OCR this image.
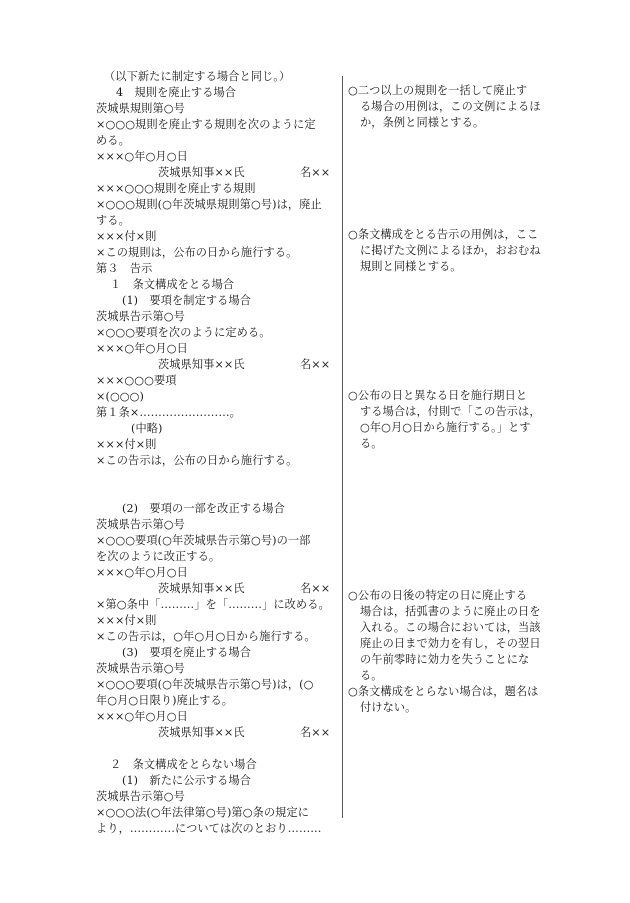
（以下新たに制定する場合と同じ。）
4　規則を廃止する場合
茨城県規則第○号
×○○○規則を廃止する規則を次のように定
める。
×××○年○月○日
茨城県知事××氏	名××
×××○○○規則を廃止する規則
×○○○規則(○年茨城県規則第○号)は，廃止
する。
×××付×則
×この規則は，公布の日から施行する。
第３　告示
１　条文構成をとる場合
(1)　要項を制定する場合
茨城県告示第○号
×○○○要項を次のように定める。
×××○年○月○日
茨城県知事××氏	名××
×××○○○要項
×(○○○)
第１条×……………………。
(中略)
×××付×則
×この告示は，公布の日から施行する。
(2)　要項の一部を改正する場合
茨城県告示第○号
×○○○要項(○年茨城県告示第○号)の一部
を次のように改正する。
×××○年○月○日
茨城県知事××氏	名××
×第○条中「………」を「………」に改める。
×××付×則
×この告示は，○年○月○日から施行する。
(3)　要項を廃止する場合
茨城県告示第○号
×○○○要項(○年茨城県告示第○号)は，(○
年○月○日限り)廃止する。
×××○年○月○日
茨城県知事××氏	名××
２　条文構成をとらない場合
(1)　新たに公示する場合
茨城県告示第○号
×○○○法(○年法律第○号)第○条の規定に
より，…………については次のとおり………
○二つ以上の規則を一括して廃止す
る場合の用例は，この文例によるほ
か，条例と同様とする。
○条文構成をとる告示の用例は，ここ
に掲げた文例によるほか，おおむね
規則と同様とする。
○公布の日と異なる日を施行期日と
する場合は，付則で「この告示は，
○年○月○日から施行する。」とす
る。
○公布の日後の特定の日に廃止する
場合は，括弧書のように廃止の日を
入れる。この場合においては，当該
廃止の日まで効力を有し，その翌日
の午前零時に効力を失うことにな
る。
○条文構成をとらない場合は，題名は
付けない。
